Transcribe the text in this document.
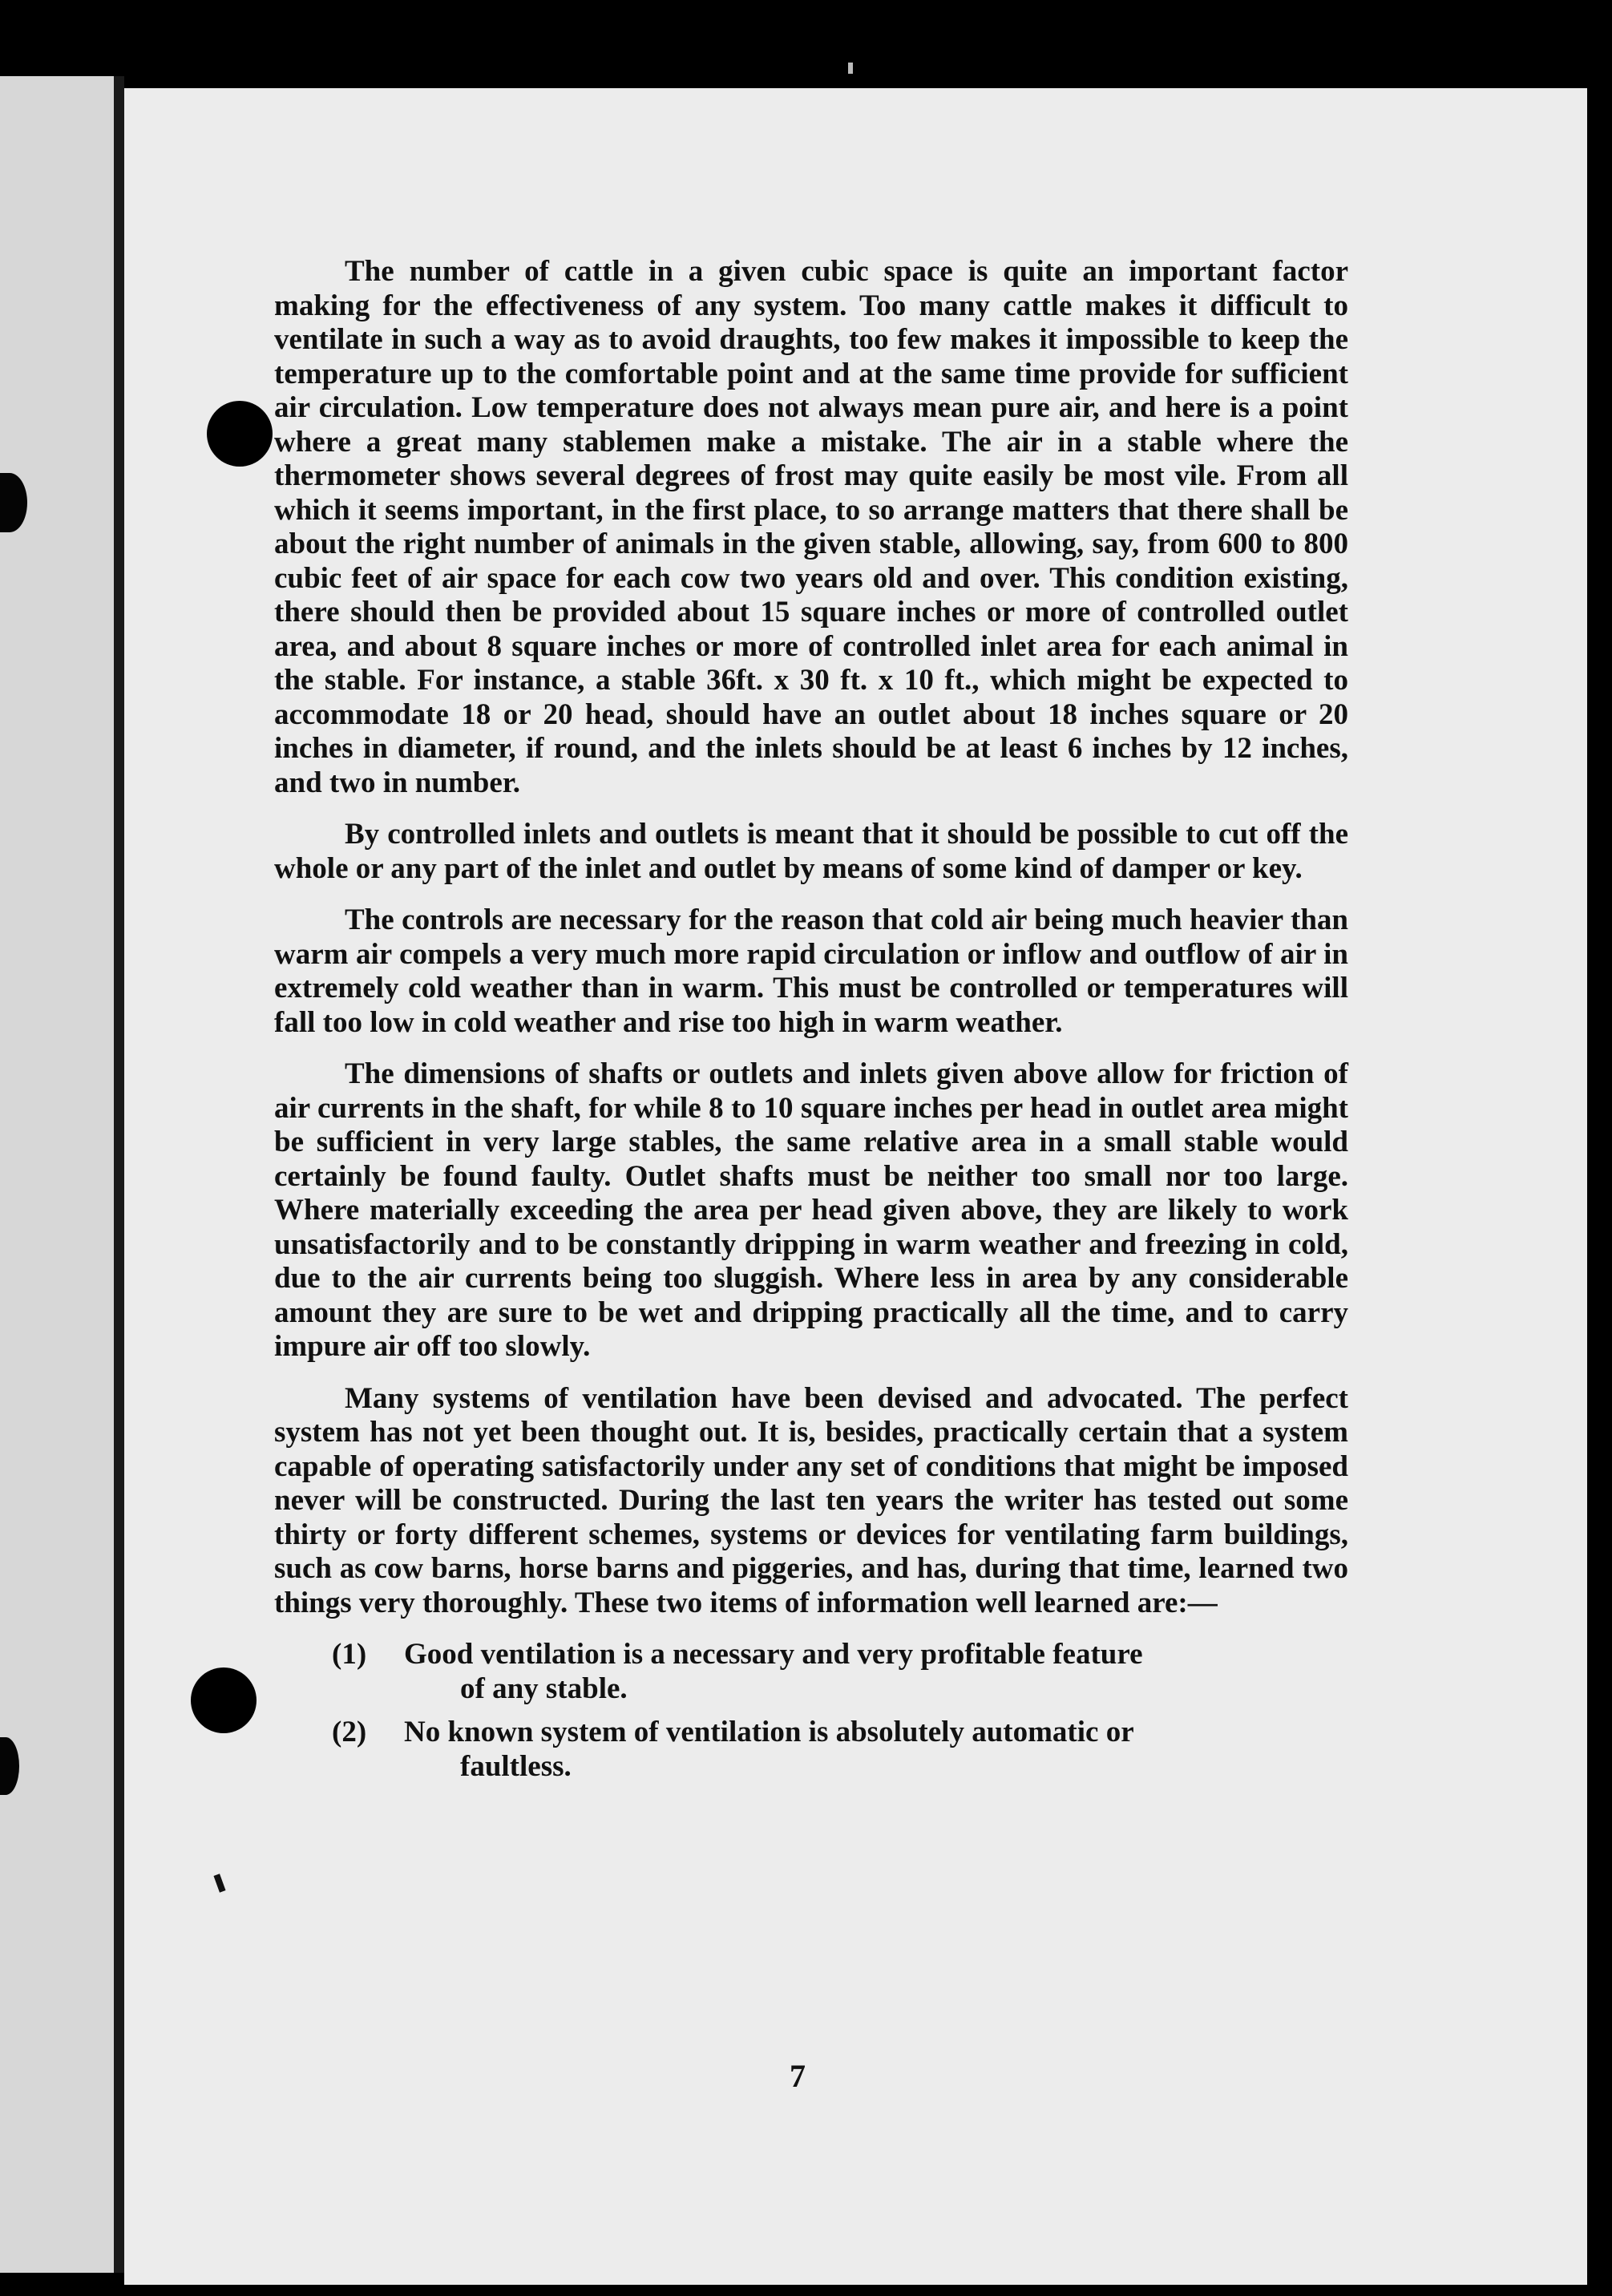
The number of cattle in a given cubic space is quite an important factor making for the effectiveness of any system. Too many cattle makes it difficult to ventilate in such a way as to avoid draughts, too few makes it impossible to keep the temperature up to the comfortable point and at the same time provide for sufficient air circulation. Low temperature does not always mean pure air, and here is a point where a great many stablemen make a mistake. The air in a stable where the thermometer shows several degrees of frost may quite easily be most vile. From all which it seems important, in the first place, to so arrange matters that there shall be about the right number of animals in the given stable, allowing, say, from 600 to 800 cubic feet of air space for each cow two years old and over. This condition existing, there should then be provided about 15 square inches or more of controlled outlet area, and about 8 square inches or more of controlled inlet area for each animal in the stable. For instance, a stable 36ft. x 30 ft. x 10 ft., which might be expected to accommodate 18 or 20 head, should have an outlet about 18 inches square or 20 inches in diameter, if round, and the inlets should be at least 6 inches by 12 inches, and two in number.

By controlled inlets and outlets is meant that it should be possible to cut off the whole or any part of the inlet and outlet by means of some kind of damper or key.

The controls are necessary for the reason that cold air being much heavier than warm air compels a very much more rapid circulation or inflow and outflow of air in extremely cold weather than in warm. This must be controlled or temperatures will fall too low in cold weather and rise too high in warm weather.

The dimensions of shafts or outlets and inlets given above allow for friction of air currents in the shaft, for while 8 to 10 square inches per head in outlet area might be sufficient in very large stables, the same relative area in a small stable would certainly be found faulty. Outlet shafts must be neither too small nor too large. Where materially exceeding the area per head given above, they are likely to work unsatisfactorily and to be constantly dripping in warm weather and freezing in cold, due to the air currents being too sluggish. Where less in area by any considerable amount they are sure to be wet and dripping practically all the time, and to carry impure air off too slowly.

Many systems of ventilation have been devised and advocated. The perfect system has not yet been thought out. It is, besides, practically certain that a system capable of operating satisfactorily under any set of conditions that might be imposed never will be constructed. During the last ten years the writer has tested out some thirty or forty different schemes, systems or devices for ventilating farm buildings, such as cow barns, horse barns and piggeries, and has, during that time, learned two things very thoroughly. These two items of information well learned are:—

(1)	Good ventilation is a necessary and very profitable feature
of any stable.
(2)	No known system of ventilation is absolutely automatic or
faultless.
7
